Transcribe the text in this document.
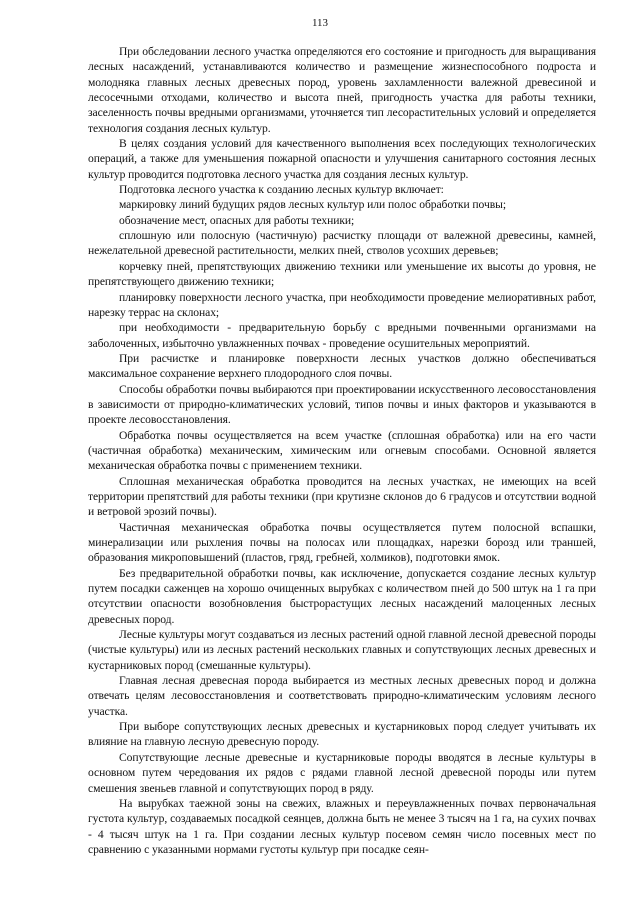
113

При обследовании лесного участка определяются его состояние и пригодность для выращивания лесных насаждений, устанавливаются количество и размещение жизнеспособного подроста и молодняка главных лесных древесных пород, уровень захламленности валежной древесиной и лесосечными отходами, количество и высота пней, пригодность участка для работы техники, заселенность почвы вредными организмами, уточняется тип лесорастительных условий и определяется технология создания лесных культур.

В целях создания условий для качественного выполнения всех последующих технологических операций, а также для уменьшения пожарной опасности и улучшения санитарного состояния лесных культур проводится подготовка лесного участка для создания лесных культур.

Подготовка лесного участка к созданию лесных культур включает:

маркировку линий будущих рядов лесных культур или полос обработки почвы;

обозначение мест, опасных для работы техники;

сплошную или полосную (частичную) расчистку площади от валежной древесины, камней, нежелательной древесной растительности, мелких пней, стволов усохших деревьев;

корчевку пней, препятствующих движению техники или уменьшение их высоты до уровня, не препятствующего движению техники;

планировку поверхности лесного участка, при необходимости проведение мелиоративных работ, нарезку террас на склонах;

при необходимости - предварительную борьбу с вредными почвенными организмами на заболоченных, избыточно увлажненных почвах - проведение осушительных мероприятий.

При расчистке и планировке поверхности лесных участков должно обеспечиваться максимальное сохранение верхнего плодородного слоя почвы.

Способы обработки почвы выбираются при проектировании искусственного лесовосстановления в зависимости от природно-климатических условий, типов почвы и иных факторов и указываются в проекте лесовосстановления.

Обработка почвы осуществляется на всем участке (сплошная обработка) или на его части (частичная обработка) механическим, химическим или огневым способами. Основной является механическая обработка почвы с применением техники.

Сплошная механическая обработка проводится на лесных участках, не имеющих на всей территории препятствий для работы техники (при крутизне склонов до 6 градусов и отсутствии водной и ветровой эрозий почвы).

Частичная механическая обработка почвы осуществляется путем полосной вспашки, минерализации или рыхления почвы на полосах или площадках, нарезки борозд или траншей, образования микроповышений (пластов, гряд, гребней, холмиков), подготовки ямок.

Без предварительной обработки почвы, как исключение, допускается создание лесных культур путем посадки саженцев на хорошо очищенных вырубках с количеством пней до 500 штук на 1 га при отсутствии опасности возобновления быстрорастущих лесных насаждений малоценных лесных древесных пород.

Лесные культуры могут создаваться из лесных растений одной главной лесной древесной породы (чистые культуры) или из лесных растений нескольких главных и сопутствующих лесных древесных и кустарниковых пород (смешанные культуры).

Главная лесная древесная порода выбирается из местных лесных древесных пород и должна отвечать целям лесовосстановления и соответствовать природно-климатическим условиям лесного участка.

При выборе сопутствующих лесных древесных и кустарниковых пород следует учитывать их влияние на главную лесную древесную породу.

Сопутствующие лесные древесные и кустарниковые породы вводятся в лесные культуры в основном путем чередования их рядов с рядами главной лесной древесной породы или путем смешения звеньев главной и сопутствующих пород в ряду.

На вырубках таежной зоны на свежих, влажных и переувлажненных почвах первоначальная густота культур, создаваемых посадкой сеянцев, должна быть не менее 3 тысяч на 1 га, на сухих почвах - 4 тысяч штук на 1 га. При создании лесных культур посевом семян число посевных мест по сравнению с указанными нормами густоты культур при посадке сеян-
